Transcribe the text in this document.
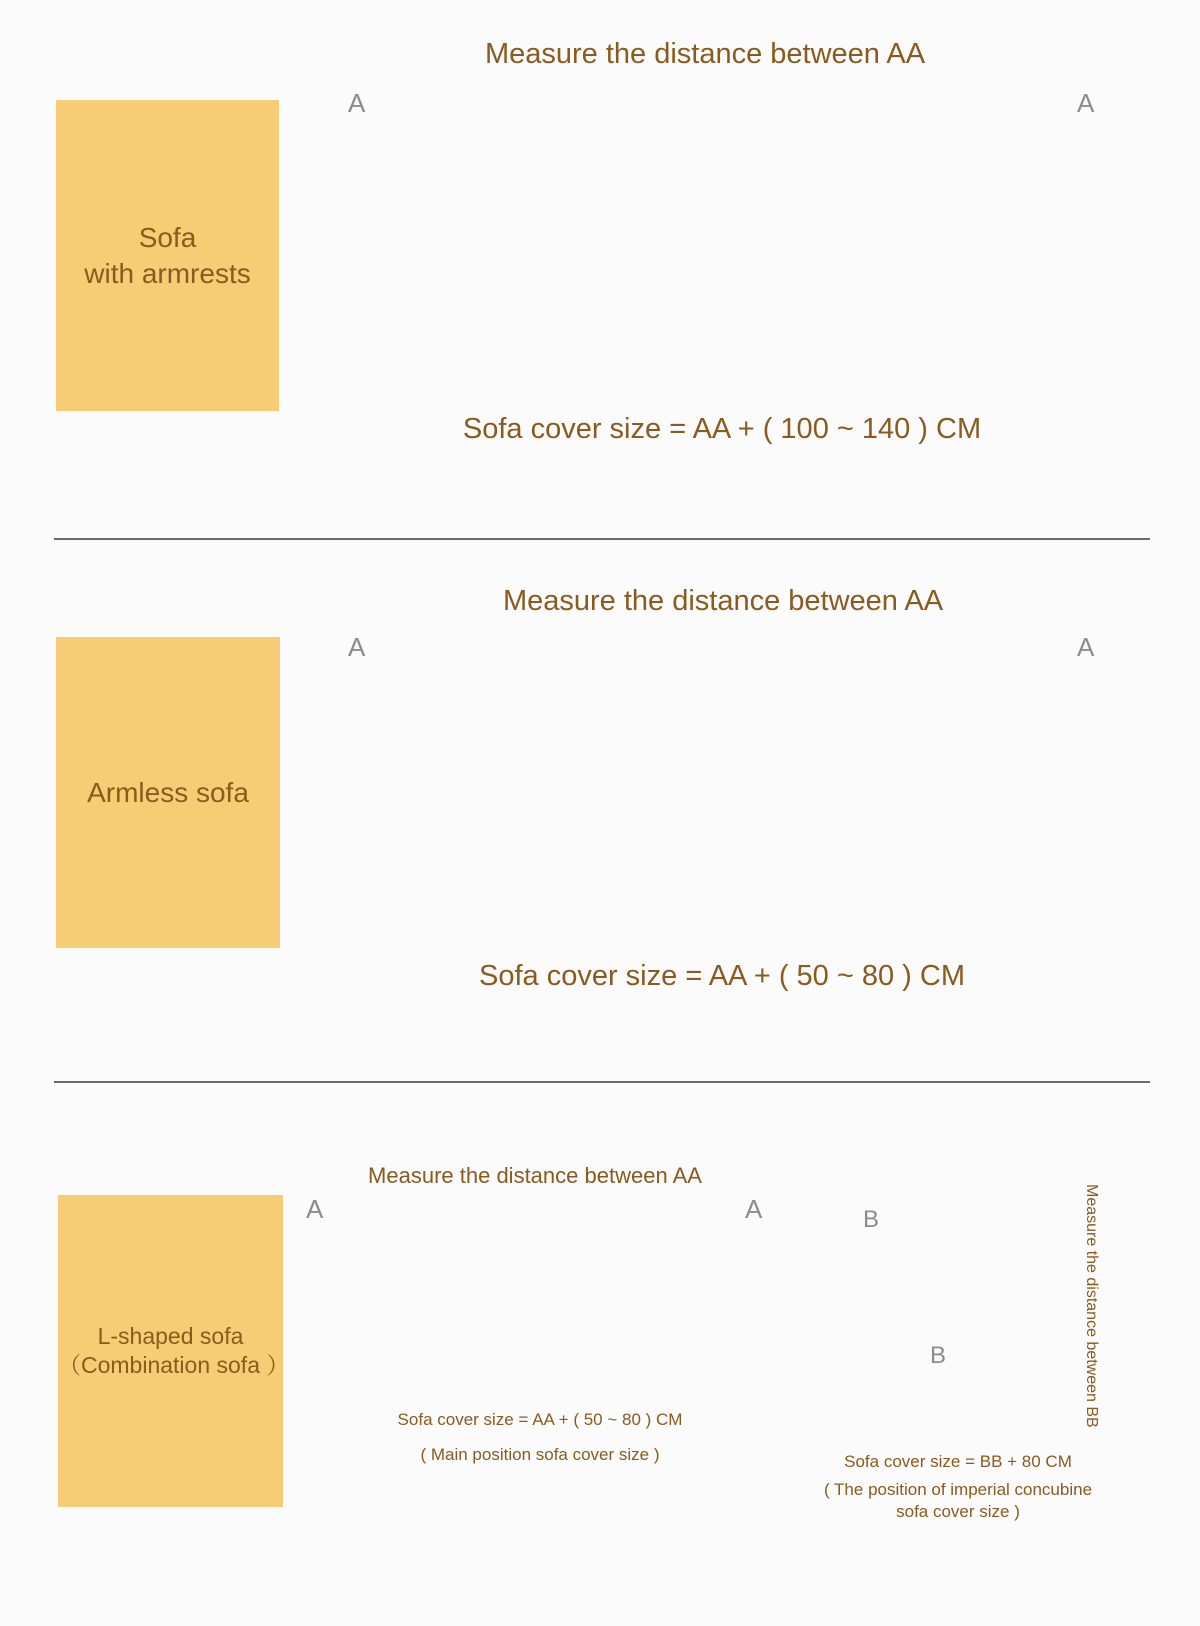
Sofa
with armrests
Measure the distance between AA
A	A
Sofa cover size = AA + ( 100 ~ 140 ) CM
Armless sofa
Measure the distance between AA
A	A
Sofa cover size = AA + ( 50 ~ 80 ) CM
L-shaped sofa
（Combination sofa ）
Measure the distance between AA
A	A
Sofa cover size = AA + ( 50 ~ 80 ) CM
( Main position sofa cover size )
B	Measure the distance between BB
Sofa cover size = BB + 80 CM
( The position of imperial concubine
sofa cover size )
